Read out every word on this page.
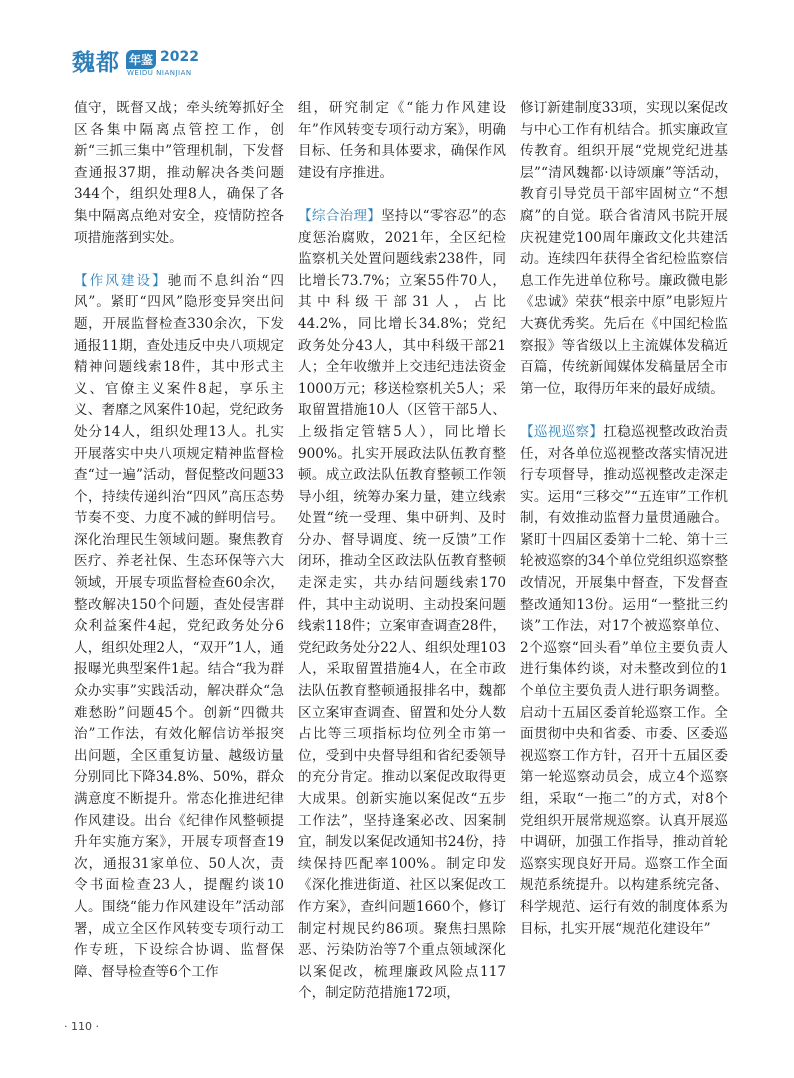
魏都 年鉴 2022
WEIDU NIANJIAN

值守，既督又战；牵头统筹抓好全区各集中隔离点管控工作，创新“三抓三集中”管理机制，下发督查通报37期，推动解决各类问题344个，组织处理8人，确保了各集中隔离点绝对安全，疫情防控各项措施落到实处。

【作风建设】驰而不息纠治“四风”。紧盯“四风”隐形变异突出问题，开展监督检查330余次，下发通报11期，查处违反中央八项规定精神问题线索18件，其中形式主义、官僚主义案件8起，享乐主义、奢靡之风案件10起，党纪政务处分14人，组织处理13人。扎实开展落实中央八项规定精神监督检查“过一遍”活动，督促整改问题33个，持续传递纠治“四风”高压态势节奏不变、力度不减的鲜明信号。深化治理民生领域问题。聚焦教育医疗、养老社保、生态环保等六大领域，开展专项监督检查60余次，整改解决150个问题，查处侵害群众利益案件4起，党纪政务处分6人，组织处理2人，“双开”1人，通报曝光典型案件1起。结合“我为群众办实事”实践活动，解决群众“急难愁盼”问题45个。创新“四微共治”工作法，有效化解信访举报突出问题，全区重复访量、越级访量分别同比下降34.8%、50%，群众满意度不断提升。常态化推进纪律作风建设。出台《纪律作风整顿提升年实施方案》，开展专项督查19次，通报31家单位、50人次，责令书面检查23人，提醒约谈10人。围绕“能力作风建设年”活动部署，成立全区作风转变专项行动工作专班，下设综合协调、监督保障、督导检查等6个工作

组，研究制定《“能力作风建设年”作风转变专项行动方案》，明确目标、任务和具体要求，确保作风建设有序推进。

【综合治理】坚持以“零容忍”的态度惩治腐败，2021年，全区纪检监察机关处置问题线索238件，同比增长73.7%；立案55件70人，其中科级干部31人，占比44.2%，同比增长34.8%；党纪政务处分43人，其中科级干部21人；全年收缴并上交违纪违法资金1000万元；移送检察机关5人；采取留置措施10人（区管干部5人、上级指定管辖5人），同比增长900%。扎实开展政法队伍教育整顿。成立政法队伍教育整顿工作领导小组，统筹办案力量，建立线索处置“统一受理、集中研判、及时分办、督导调度、统一反馈”工作闭环，推动全区政法队伍教育整顿走深走实，共办结问题线索170件，其中主动说明、主动投案问题线索118件；立案审查调查28件，党纪政务处分22人、组织处理103人，采取留置措施4人，在全市政法队伍教育整顿通报排名中，魏都区立案审查调查、留置和处分人数占比等三项指标均位列全市第一位，受到中央督导组和省纪委领导的充分肯定。推动以案促改取得更大成果。创新实施以案促改“五步工作法”，坚持逢案必改、因案制宜，制发以案促改通知书24份，持续保持匹配率100%。制定印发《深化推进街道、社区以案促改工作方案》，查纠问题1660个，修订制定村规民约86项。聚焦扫黑除恶、污染防治等7个重点领域深化以案促改，梳理廉政风险点117个，制定防范措施172项，

修订新建制度33项，实现以案促改与中心工作有机结合。抓实廉政宣传教育。组织开展“党规党纪进基层”“清风魏都·以诗颂廉”等活动，教育引导党员干部牢固树立“不想腐”的自觉。联合省清风书院开展庆祝建党100周年廉政文化共建活动。连续四年获得全省纪检监察信息工作先进单位称号。廉政微电影《忠诚》荣获“根亲中原”电影短片大赛优秀奖。先后在《中国纪检监察报》等省级以上主流媒体发稿近百篇，传统新闻媒体发稿量居全市第一位，取得历年来的最好成绩。

【巡视巡察】扛稳巡视整改政治责任，对各单位巡视整改落实情况进行专项督导，推动巡视整改走深走实。运用“三移交”“五连审”工作机制，有效推动监督力量贯通融合。紧盯十四届区委第十二轮、第十三轮被巡察的34个单位党组织巡察整改情况，开展集中督查，下发督查整改通知13份。运用“一整批三约谈”工作法，对17个被巡察单位、2个巡察“回头看”单位主要负责人进行集体约谈，对未整改到位的1个单位主要负责人进行职务调整。启动十五届区委首轮巡察工作。全面贯彻中央和省委、市委、区委巡视巡察工作方针，召开十五届区委第一轮巡察动员会，成立4个巡察组，采取“一拖二”的方式，对8个党组织开展常规巡察。认真开展巡中调研，加强工作指导，推动首轮巡察实现良好开局。巡察工作全面规范系统提升。以构建系统完备、科学规范、运行有效的制度体系为目标，扎实开展“规范化建设年”

· 110 ·
